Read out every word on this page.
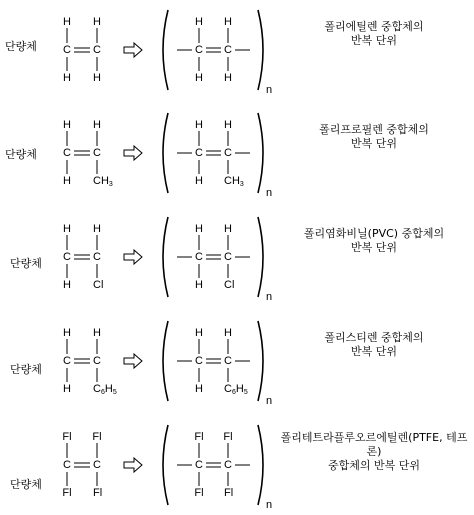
단량체
H H
H H
C C
H H
H H
C C
n
폴리에틸렌 중합체의
반복 단위
단량체
H H
H $CH_3$
C C
H H
H $CH_3$
C C
n
폴리프로필렌 중합체의
반복 단위
단량체
H H
H Cl
C C
H H
H Cl
C C
n
폴리염화비닐(PVC) 중합체의
반복 단위
단량체
H H
H $C_6H_5$
C C
H H
H $C_6H_5$
C C
n
폴리스티렌 중합체의
반복 단위
단량체
Fl Fl
Fl Fl
C C
Fl Fl
Fl Fl
C C
n
폴리테트라플루오르에틸렌(PTFE, 테프론)
중합체의 반복 단위
